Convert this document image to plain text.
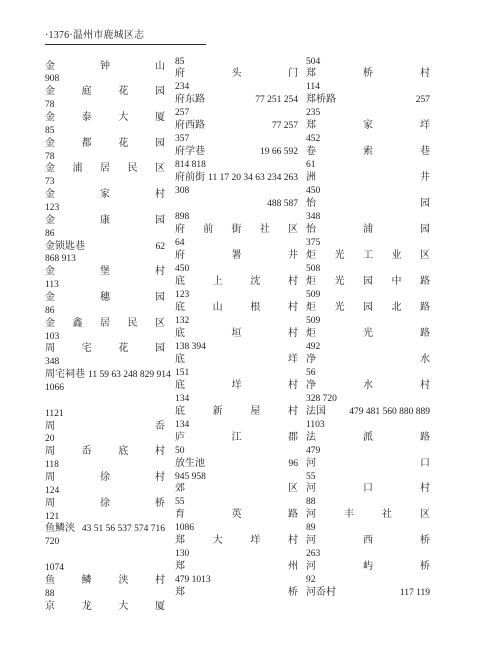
·1376·温州市鹿城区志
金钟山
908
金庭花园
78
金泰大厦
85
金都花园
78
金浦居民区
73
金家村
123
金康园
86
金锁匙巷	62
868 913
金堡村
113
金穗园
86
金鑫居民区
103
周宅花园
348
周宅祠巷 11 59 63 248 829 914
1066
1121
周岙
20
周岙底村
118
周徐村
124
周徐桥
121
鱼鳞浃 43 51 56 537 574 716
720
1074
鱼鳞浃村
88
京龙大厦
85
府头门
234
府东路	77 251 254
257
府西路	77 257
357
府学巷	19 66 592
814 818
府前街 11 17 20 34 63 234 263
308
488 587
898
府前街社区
64
府署井
450
底上沈村
123
底山根村
132
底垣村
138 394
底垟
151
底垟村
134
底新屋村
134
庐江郡
50
放生池	96
945 958
郊区
55
育英路
1086
郑大垟村
130
郑州
479 1013
郑桥
504
郑桥村
114
郑桥路	257
235
郑家垟
452
卷索巷
61
洲井
450
怡园
348
怡浦园
375
炬光工业区
508
炬光园中路
509
炬光园北路
509
炬光路
492
净水
56
净水村
328 720
法国	479 481 560 880 889
1103
法派路
479
河口
55
河口村
88
河丰社区
89
河西桥
263
河屿桥
92
河岙村	117 119
